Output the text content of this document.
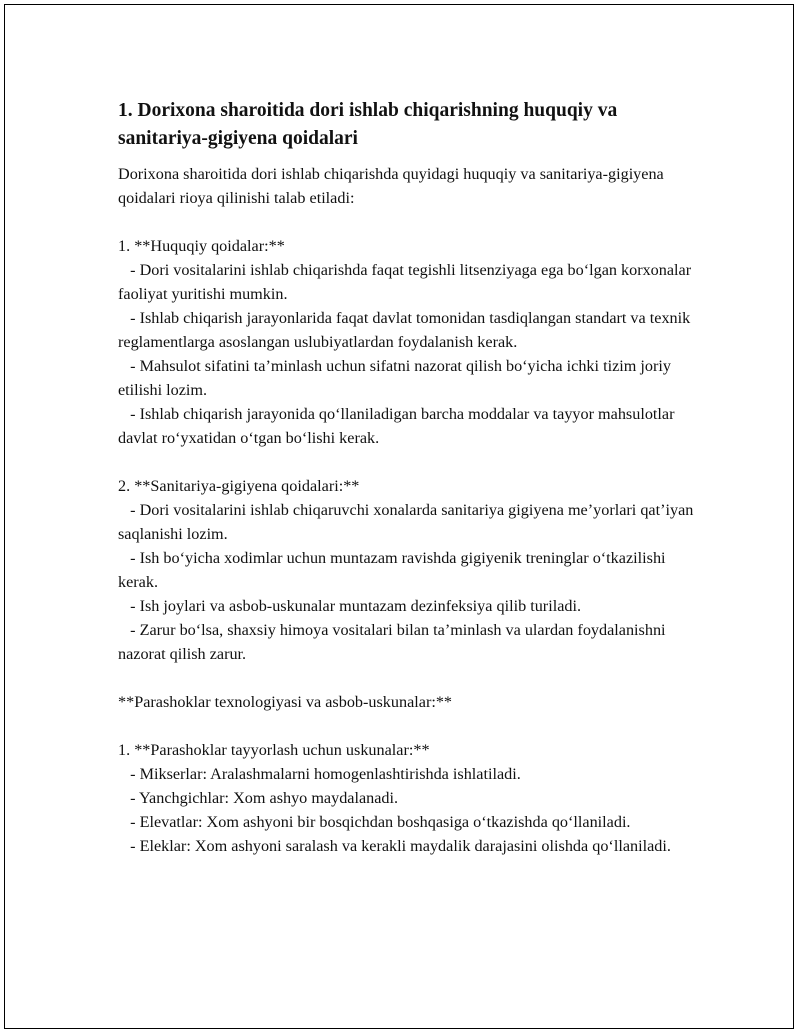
1. Dorixona sharoitida dori ishlab chiqarishning huquqiy va sanitariya-gigiyena qoidalari

Dorixona sharoitida dori ishlab chiqarishda quyidagi huquqiy va sanitariya-gigiyena qoidalari rioya qilinishi talab etiladi:

1. **Huquqiy qoidalar:**

- Dori vositalarini ishlab chiqarishda faqat tegishli litsenziyaga ega bo‘lgan korxonalar faoliyat yuritishi mumkin.

- Ishlab chiqarish jarayonlarida faqat davlat tomonidan tasdiqlangan standart va texnik reglamentlarga asoslangan uslubiyatlardan foydalanish kerak.

- Mahsulot sifatini ta’minlash uchun sifatni nazorat qilish bo‘yicha ichki tizim joriy etilishi lozim.

- Ishlab chiqarish jarayonida qo‘llaniladigan barcha moddalar va tayyor mahsulotlar davlat ro‘yxatidan o‘tgan bo‘lishi kerak.

2. **Sanitariya-gigiyena qoidalari:**

- Dori vositalarini ishlab chiqaruvchi xonalarda sanitariya gigiyena me’yorlari qat’iyan saqlanishi lozim.

- Ish bo‘yicha xodimlar uchun muntazam ravishda gigiyenik treninglar o‘tkazilishi kerak.

- Ish joylari va asbob-uskunalar muntazam dezinfeksiya qilib turiladi.

- Zarur bo‘lsa, shaxsiy himoya vositalari bilan ta’minlash va ulardan foydalanishni nazorat qilish zarur.

**Parashoklar texnologiyasi va asbob-uskunalar:**

1. **Parashoklar tayyorlash uchun uskunalar:**

- Mikserlar: Aralashmalarni homogenlashtirishda ishlatiladi.

- Yanchgichlar: Xom ashyo maydalanadi.

- Elevatlar: Xom ashyoni bir bosqichdan boshqasiga o‘tkazishda qo‘llaniladi.

- Eleklar: Xom ashyoni saralash va kerakli maydalik darajasini olishda qo‘llaniladi.
